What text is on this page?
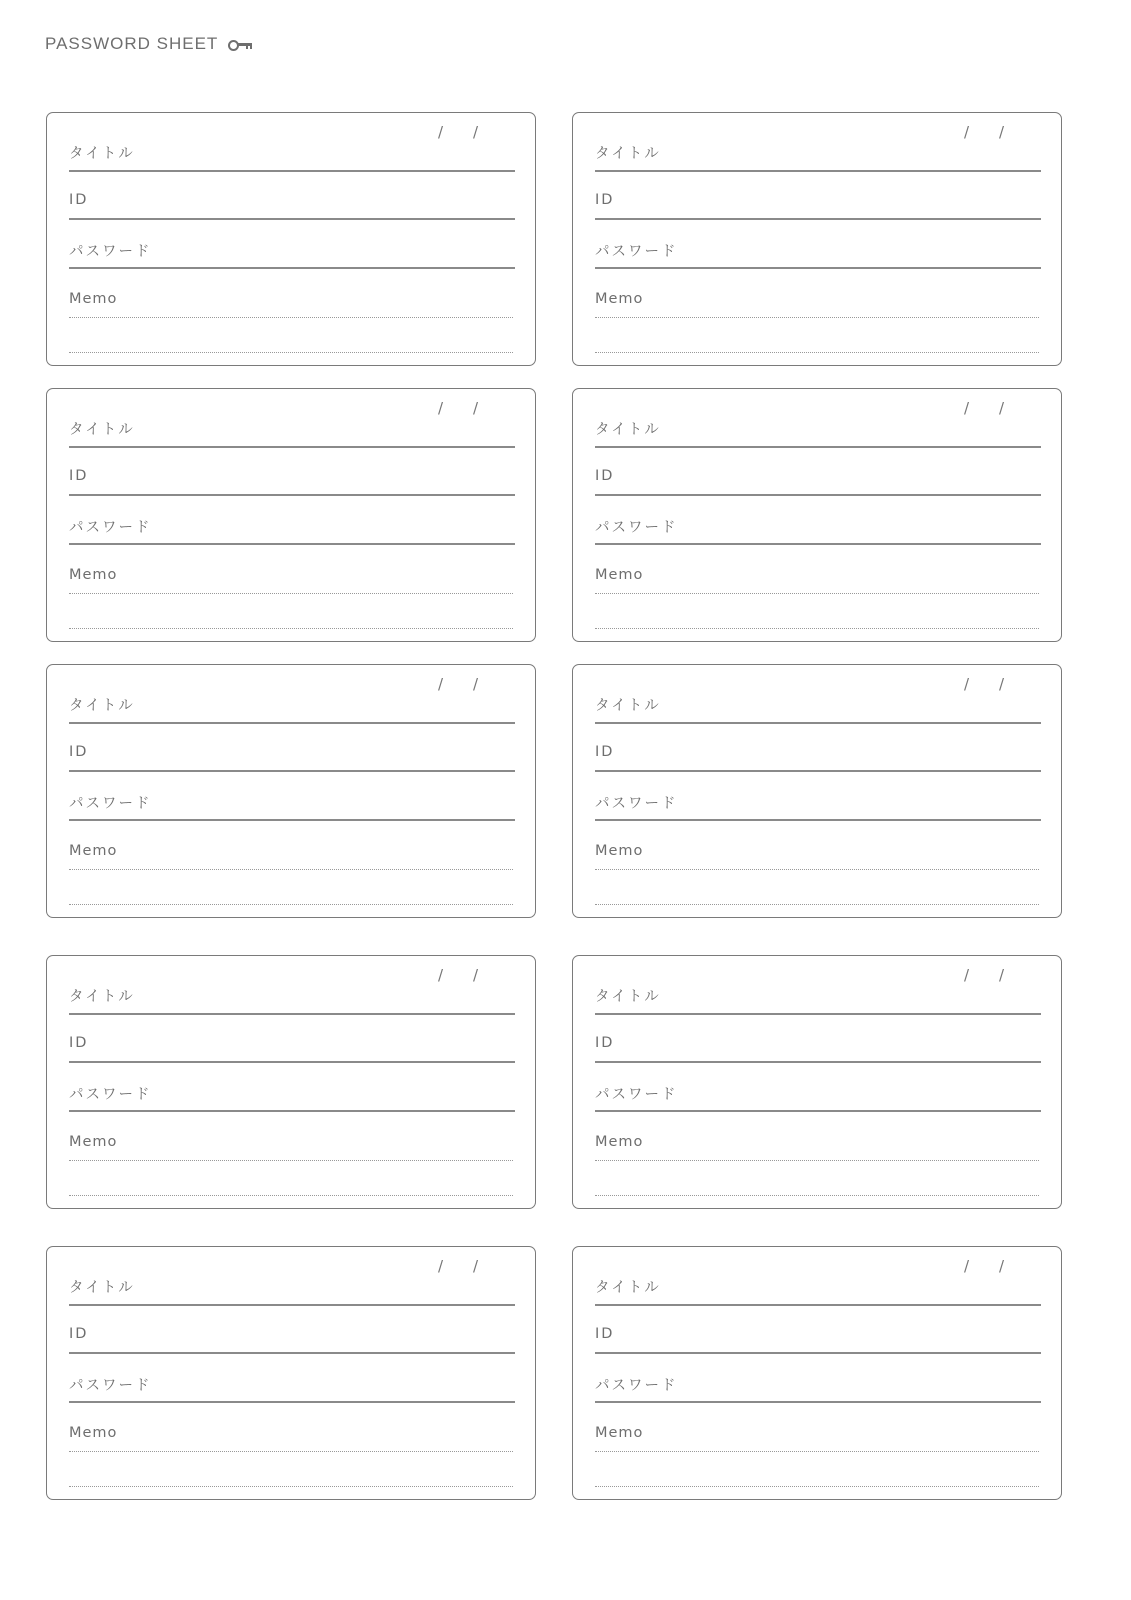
PASSWORD SHEET
/ /
タイトル
ID
パスワード
Memo
/ /
タイトル
ID
パスワード
Memo
/ /
タイトル
ID
パスワード
Memo
/ /
タイトル
ID
パスワード
Memo
/ /
タイトル
ID
パスワード
Memo
/ /
タイトル
ID
パスワード
Memo
/ /
タイトル
ID
パスワード
Memo
/ /
タイトル
ID
パスワード
Memo
/ /
タイトル
ID
パスワード
Memo
/ /
タイトル
ID
パスワード
Memo
